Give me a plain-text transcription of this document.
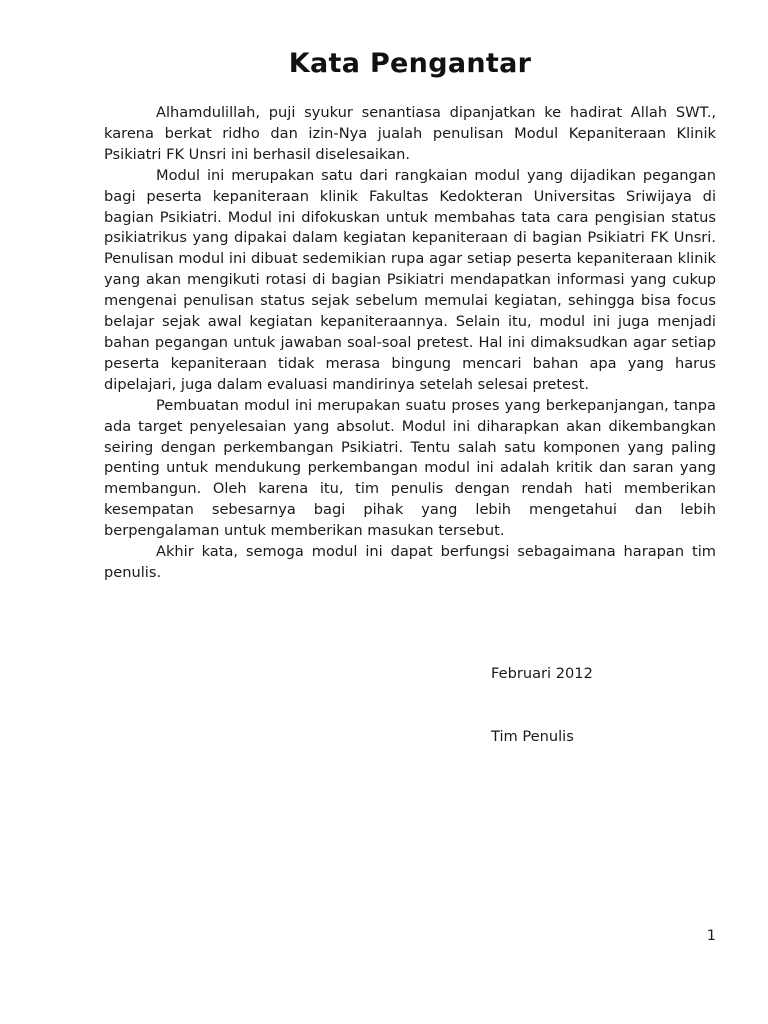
Kata Pengantar

Alhamdulillah, puji syukur senantiasa dipanjatkan ke hadirat Allah SWT., karena berkat ridho dan izin-Nya jualah penulisan Modul Kepaniteraan Klinik Psikiatri FK Unsri ini berhasil diselesaikan.

Modul ini merupakan satu dari rangkaian modul yang dijadikan pegangan bagi peserta kepaniteraan klinik Fakultas Kedokteran Universitas Sriwijaya di bagian Psikiatri. Modul ini difokuskan untuk membahas tata cara pengisian status psikiatrikus yang dipakai dalam kegiatan kepaniteraan di bagian Psikiatri FK Unsri. Penulisan modul ini dibuat sedemikian rupa agar setiap peserta kepaniteraan klinik yang akan mengikuti rotasi di bagian Psikiatri mendapatkan informasi yang cukup mengenai penulisan status sejak sebelum memulai kegiatan, sehingga bisa focus belajar sejak awal kegiatan kepaniteraannya. Selain itu, modul ini juga menjadi bahan pegangan untuk jawaban soal-soal pretest. Hal ini dimaksudkan agar setiap peserta kepaniteraan tidak merasa bingung mencari bahan apa yang harus dipelajari, juga dalam evaluasi mandirinya setelah selesai pretest.

Pembuatan modul ini merupakan suatu proses yang berkepanjangan, tanpa ada target penyelesaian yang absolut. Modul ini diharapkan akan dikembangkan seiring dengan perkembangan Psikiatri. Tentu salah satu komponen yang paling penting untuk mendukung perkembangan modul ini adalah kritik dan saran yang membangun. Oleh karena itu, tim penulis dengan rendah hati memberikan kesempatan sebesarnya bagi pihak yang lebih mengetahui dan lebih berpengalaman untuk memberikan masukan tersebut.

Akhir kata, semoga modul ini dapat berfungsi sebagaimana harapan tim penulis.

Februari 2012
Tim Penulis
1
